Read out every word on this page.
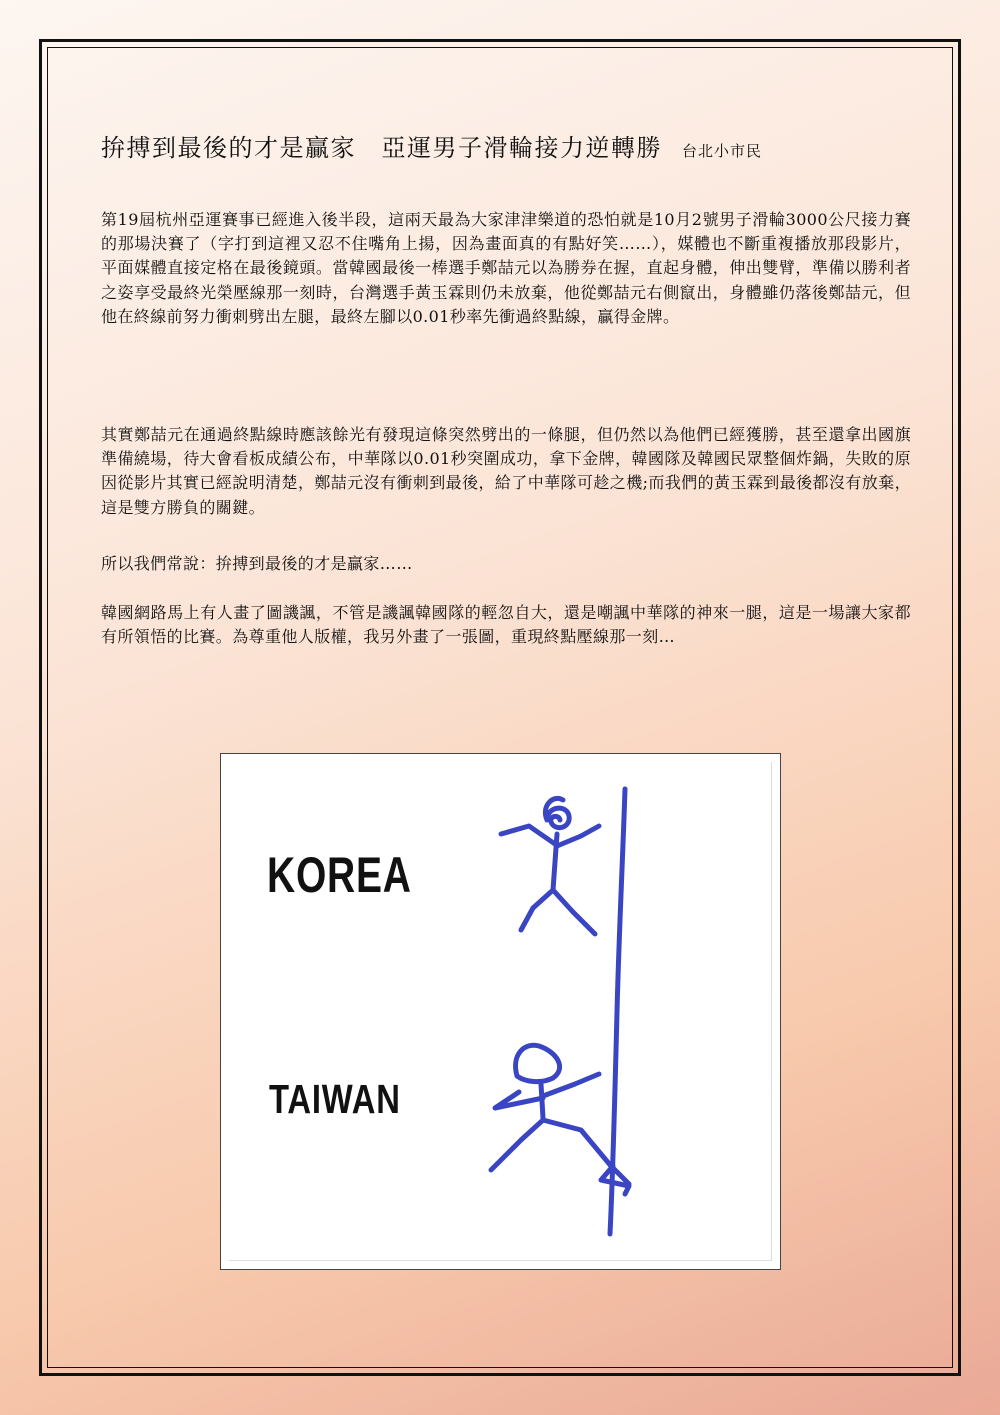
拚搏到最後的才是贏家　亞運男子滑輪接力逆轉勝 台北小市民

第19屆杭州亞運賽事已經進入後半段，這兩天最為大家津津樂道的恐怕就是10月2號男子滑輪3000公尺接力賽的那場決賽了（字打到這裡又忍不住嘴角上揚，因為畫面真的有點好笑……），媒體也不斷重複播放那段影片，平面媒體直接定格在最後鏡頭。當韓國最後一棒選手鄭喆元以為勝券在握，直起身體，伸出雙臂，準備以勝利者之姿享受最終光榮壓線那一刻時，台灣選手黃玉霖則仍未放棄，他從鄭喆元右側竄出，身體雖仍落後鄭喆元，但他在終線前努力衝刺劈出左腿，最終左腳以0.01秒率先衝過終點線，贏得金牌。

其實鄭喆元在通過終點線時應該餘光有發現這條突然劈出的一條腿，但仍然以為他們已經獲勝，甚至還拿出國旗準備繞場，待大會看板成績公布，中華隊以0.01秒突圍成功，拿下金牌，韓國隊及韓國民眾整個炸鍋，失敗的原因從影片其實已經說明清楚，鄭喆元沒有衝刺到最後，給了中華隊可趁之機;而我們的黃玉霖到最後都沒有放棄，這是雙方勝負的關鍵。

所以我們常說：拚搏到最後的才是贏家……

韓國網路馬上有人畫了圖譏諷，不管是譏諷韓國隊的輕忽自大，還是嘲諷中華隊的神來一腿，這是一場讓大家都有所領悟的比賽。為尊重他人版權，我另外畫了一張圖，重現終點壓線那一刻…

KOREA
TAIWAN
